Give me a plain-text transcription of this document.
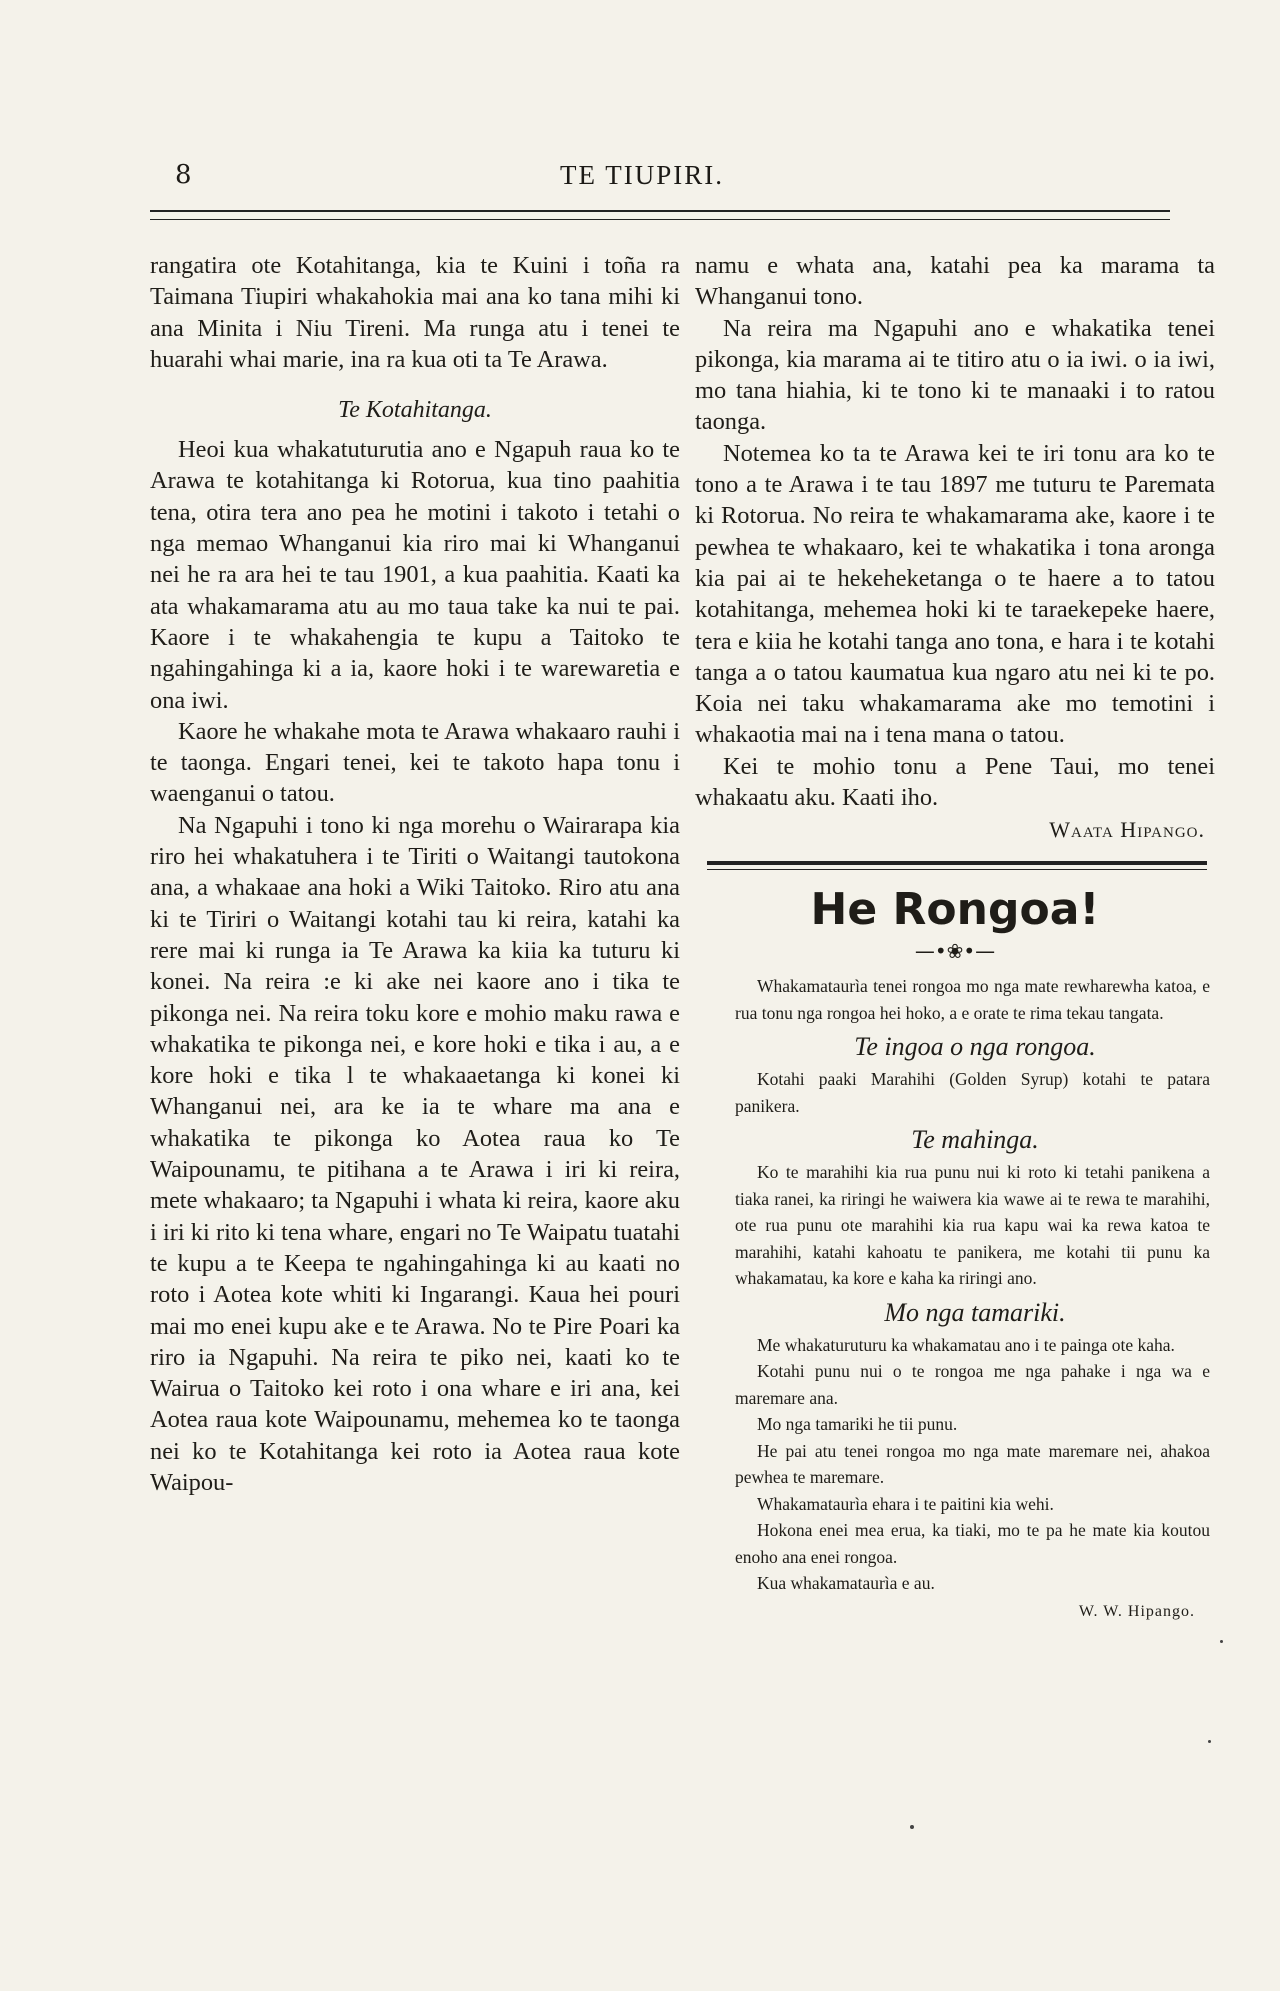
8	TE TIUPIRI.

rangatira ote Kotahitanga, kia te Kuini i toña ra Taimana Tiupiri whakahokia mai ana ko tana mihi ki ana Minita i Niu Tireni. Ma runga atu i tenei te huarahi whai marie, ina ra kua oti ta Te Arawa.

Te Kotahitanga.

Heoi kua whakatuturutia ano e Ngapuh raua ko te Arawa te kotahitanga ki Rotorua, kua tino paahitia tena, otira tera ano pea he motini i takoto i tetahi o nga memao Whanganui kia riro mai ki Whanganui nei he ra ara hei te tau 1901, a kua paahitia. Kaati ka ata whakamarama atu au mo taua take ka nui te pai. Kaore i te whakahengia te kupu a Taitoko te ngahingahinga ki a ia, kaore hoki i te warewaretia e ona iwi.

Kaore he whakahe mota te Arawa whakaaro rauhi i te taonga. Engari tenei, kei te takoto hapa tonu i waenganui o tatou.

Na Ngapuhi i tono ki nga morehu o Wairarapa kia riro hei whakatuhera i te Tiriti o Waitangi tautokona ana, a whakaae ana hoki a Wiki Taitoko. Riro atu ana ki te Tiriri o Waitangi kotahi tau ki reira, katahi ka rere mai ki runga ia Te Arawa ka kiia ka tuturu ki konei. Na reira :e ki ake nei kaore ano i tika te pikonga nei. Na reira toku kore e mohio maku rawa e whakatika te pikonga nei, e kore hoki e tika i au, a e kore hoki e tika l te whakaaetanga ki konei ki Whanganui nei, ara ke ia te whare ma ana e whakatika te pikonga ko Aotea raua ko Te Waipounamu, te pitihana a te Arawa i iri ki reira, mete whakaaro; ta Ngapuhi i whata ki reira, kaore aku i iri ki rito ki tena whare, engari no Te Waipatu tuatahi te kupu a te Keepa te ngahingahinga ki au kaati no roto i Aotea kote whiti ki Ingarangi. Kaua hei pouri mai mo enei kupu ake e te Arawa. No te Pire Poari ka riro ia Ngapuhi. Na reira te piko nei, kaati ko te Wairua o Taitoko kei roto i ona whare e iri ana, kei Aotea raua kote Waipounamu, mehemea ko te taonga nei ko te Kotahitanga kei roto ia Aotea raua kote Waipou-

namu e whata ana, katahi pea ka marama ta Whanganui tono.

Na reira ma Ngapuhi ano e whakatika tenei pikonga, kia marama ai te titiro atu o ia iwi. o ia iwi, mo tana hiahia, ki te tono ki te manaaki i to ratou taonga.

Notemea ko ta te Arawa kei te iri tonu ara ko te tono a te Arawa i te tau 1897 me tuturu te Paremata ki Rotorua. No reira te whakamarama ake, kaore i te pewhea te whakaaro, kei te whakatika i tona aronga kia pai ai te hekeheketanga o te haere a to tatou kotahitanga, mehemea hoki ki te taraekepeke haere, tera e kiia he kotahi tanga ano tona, e hara i te kotahi tanga a o tatou kaumatua kua ngaro atu nei ki te po. Koia nei taku whakamarama ake mo temotini i whakaotia mai na i tena mana o tatou.

Kei te mohio tonu a Pene Taui, mo tenei whakaatu aku. Kaati iho.

Waata Hipango.

He Rongoa!

—•❀•—

Whakamataurìa tenei rongoa mo nga mate rewharewha katoa, e rua tonu nga rongoa hei hoko, a e orate te rima tekau tangata.

Te ingoa o nga rongoa.

Kotahi paaki Marahihi (Golden Syrup) kotahi te patara panikera.

Te mahinga.

Ko te marahihi kia rua punu nui ki roto ki tetahi panikena a tiaka ranei, ka riringi he waiwera kia wawe ai te rewa te marahihi, ote rua punu ote marahihi kia rua kapu wai ka rewa katoa te marahihi, katahi kahoatu te panikera, me kotahi tii punu ka whakamatau, ka kore e kaha ka riringi ano.

Mo nga tamariki.

Me whakaturuturu ka whakamatau ano i te painga ote kaha.

Kotahi punu nui o te rongoa me nga pahake i nga wa e maremare ana.

Mo nga tamariki he tii punu.

He pai atu tenei rongoa mo nga mate maremare nei, ahakoa pewhea te maremare.

Whakamataurìa ehara i te paitini kia wehi.

Hokona enei mea erua, ka tiaki, mo te pa he mate kia koutou enoho ana enei rongoa.

Kua whakamataurìa e au.

W. W. Hipango.
